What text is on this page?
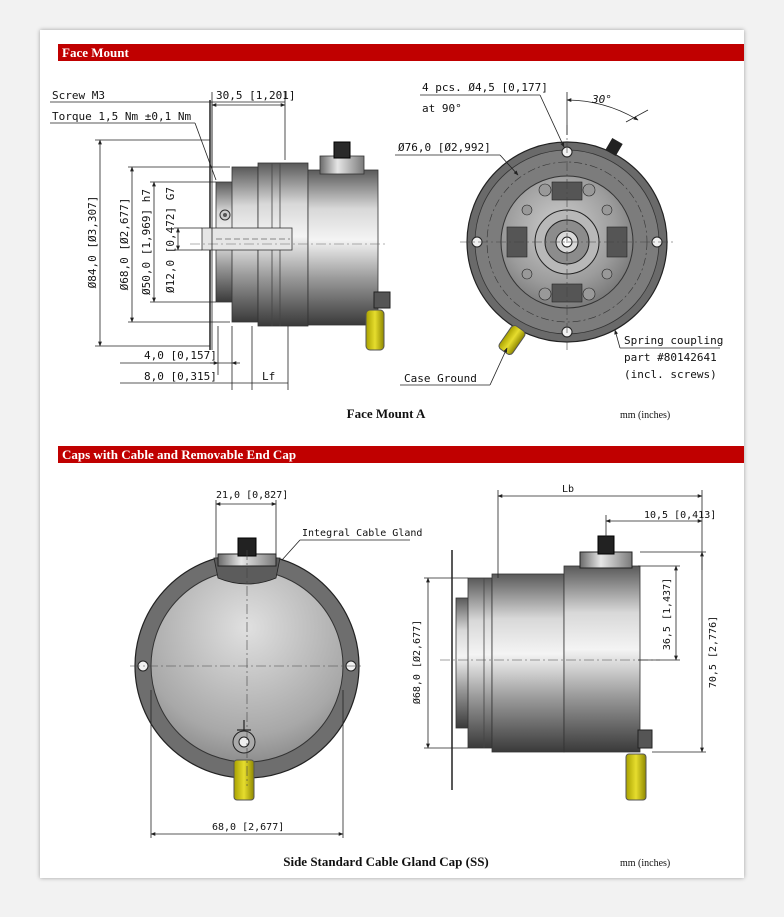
Face Mount
Caps with Cable and Removable End Cap
Screw M3
Torque 1,5 Nm ±0,1 Nm
30,5 [1,201]
Ø84,0 [Ø3,307] Ø68,0 [Ø2,677] Ø50,0 [1,969] h7 Ø12,0 [0,472] G7
4,0 [0,157]
8,0 [0,315]	Lf
4 pcs. Ø4,5 [0,177]
at 90°
30°
Ø76,0 [Ø2,992]
Spring coupling
part #80142641
(incl. screws)
Case Ground
21,0 [0,827]
Integral Cable Gland
68,0 [2,677]
Lb
10,5 [0,413]
Ø68,0 [Ø2,677]
36,5 [1,437]
70,5 [2,776]
Face Mount A	mm (inches)
Side Standard Cable Gland Cap (SS)	mm (inches)
